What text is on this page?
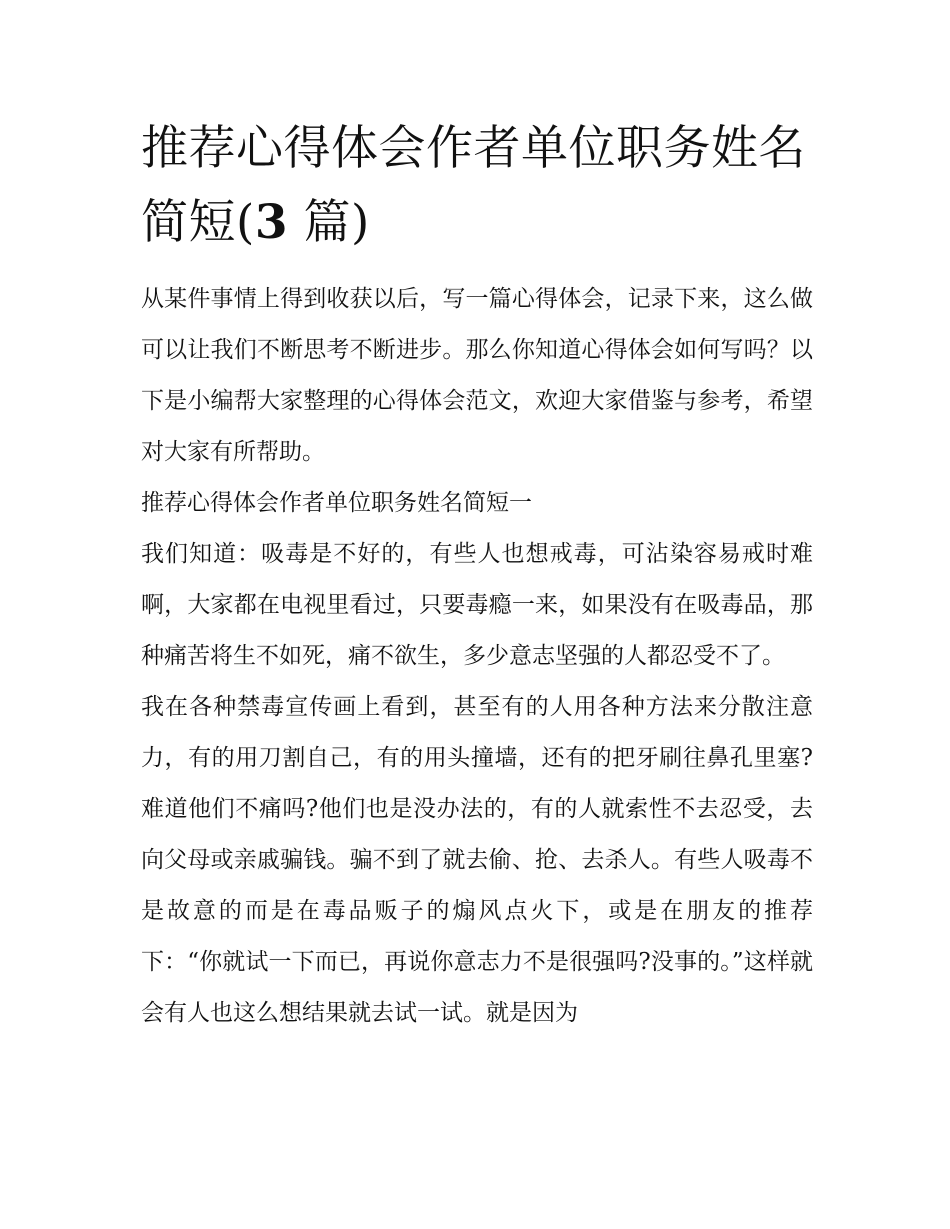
推荐心得体会作者单位职务姓名简短(3 篇)

从某件事情上得到收获以后，写一篇心得体会，记录下来，这么做可以让我们不断思考不断进步。那么你知道心得体会如何写吗？以下是小编帮大家整理的心得体会范文，欢迎大家借鉴与参考，希望对大家有所帮助。

推荐心得体会作者单位职务姓名简短一

我们知道：吸毒是不好的，有些人也想戒毒，可沾染容易戒时难啊，大家都在电视里看过，只要毒瘾一来，如果没有在吸毒品，那种痛苦将生不如死，痛不欲生，多少意志坚强的人都忍受不了。

我在各种禁毒宣传画上看到，甚至有的人用各种方法来分散注意力，有的用刀割自己，有的用头撞墙，还有的把牙刷往鼻孔里塞?难道他们不痛吗?他们也是没办法的，有的人就索性不去忍受，去向父母或亲戚骗钱。骗不到了就去偷、抢、去杀人。有些人吸毒不是故意的而是在毒品贩子的煽风点火下，或是在朋友的推荐下：“你就试一下而已，再说你意志力不是很强吗?没事的。”这样就会有人也这么想结果就去试一试。就是因为
